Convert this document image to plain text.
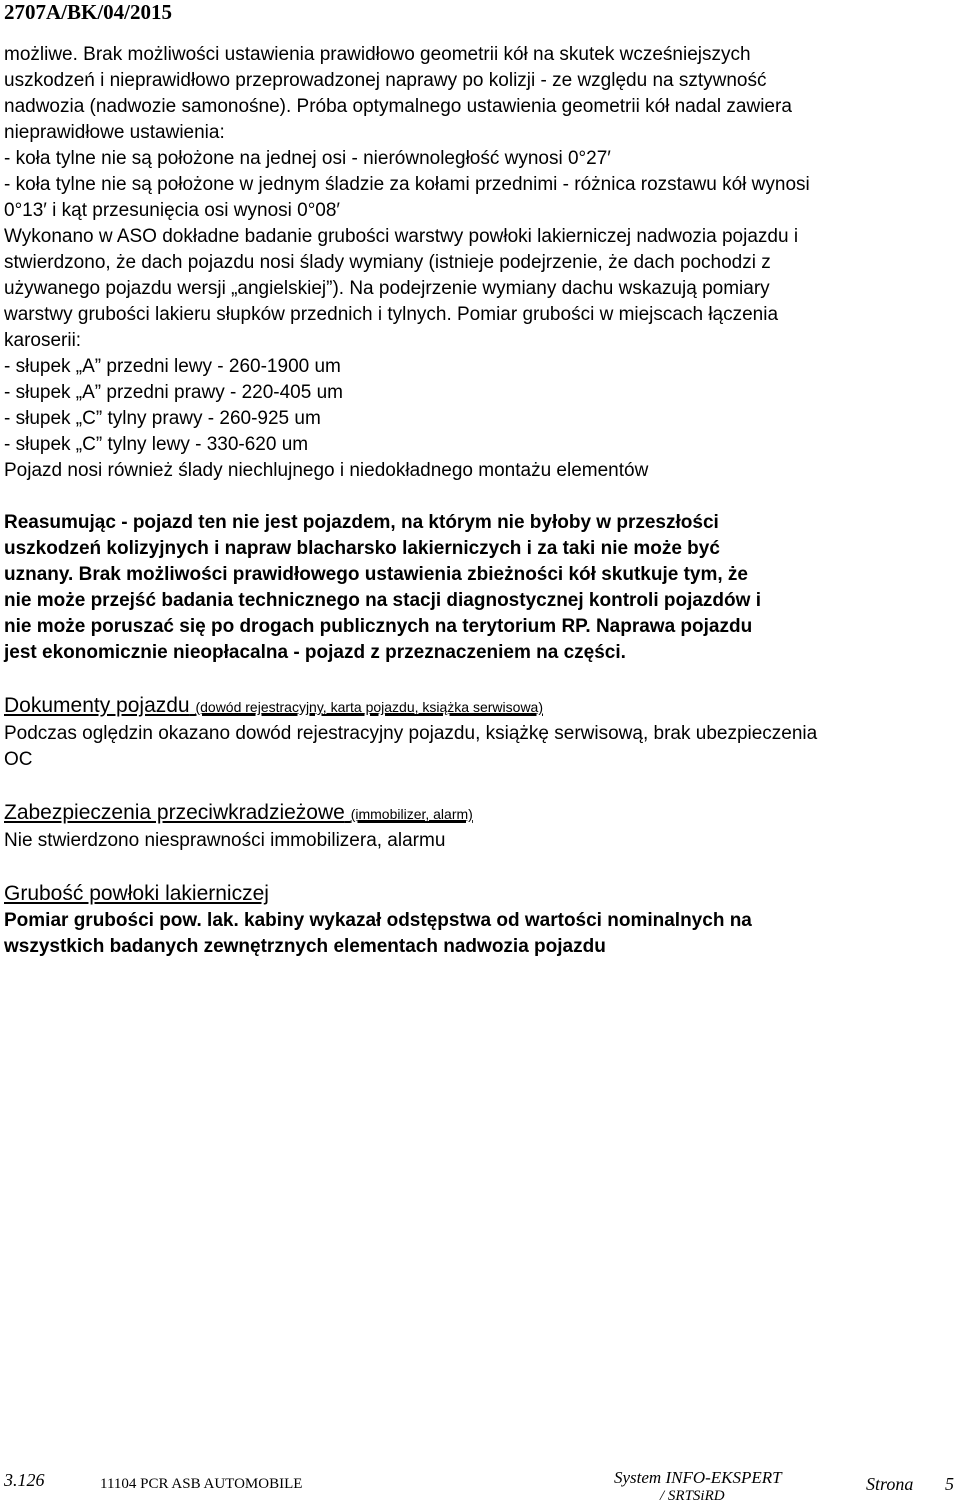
2707A/BK/04/2015

możliwe. Brak możliwości ustawienia prawidłowo geometrii kół na skutek wcześniejszych

uszkodzeń i nieprawidłowo przeprowadzonej naprawy po kolizji - ze względu na sztywność

nadwozia (nadwozie samonośne). Próba optymalnego ustawienia geometrii kół nadal zawiera

nieprawidłowe ustawienia:

- koła tylne nie są położone na jednej osi - nierównoległość wynosi 0°27′

- koła tylne nie są położone w jednym śladzie za kołami przednimi - różnica rozstawu kół wynosi

0°13′ i kąt przesunięcia osi wynosi 0°08′

Wykonano w ASO dokładne badanie grubości warstwy powłoki lakierniczej nadwozia pojazdu i

stwierdzono, że dach pojazdu nosi ślady wymiany (istnieje podejrzenie, że dach pochodzi z

używanego pojazdu wersji „angielskiej”). Na podejrzenie wymiany dachu wskazują pomiary

warstwy grubości lakieru słupków przednich i tylnych. Pomiar grubości w miejscach łączenia

karoserii:

- słupek „A” przedni lewy - 260-1900 um

- słupek „A” przedni prawy - 220-405 um

- słupek „C” tylny prawy - 260-925 um

- słupek „C” tylny lewy - 330-620 um

Pojazd nosi również ślady niechlujnego i niedokładnego montażu elementów

Reasumując - pojazd ten nie jest pojazdem, na którym nie byłoby w przeszłości

uszkodzeń kolizyjnych i napraw blacharsko lakierniczych i za taki nie może być

uznany. Brak możliwości prawidłowego ustawienia zbieżności kół skutkuje tym, że

nie może przejść badania technicznego na stacji diagnostycznej kontroli pojazdów i

nie może poruszać się po drogach publicznych na terytorium RP. Naprawa pojazdu

jest ekonomicznie nieopłacalna - pojazd z przeznaczeniem na części.

Dokumenty pojazdu (dowód rejestracyjny, karta pojazdu, książka serwisowa)

Podczas oględzin okazano dowód rejestracyjny pojazdu, książkę serwisową, brak ubezpieczenia

OC

Zabezpieczenia przeciwkradzieżowe (immobilizer, alarm)

Nie stwierdzono niesprawności immobilizera, alarmu

Grubość powłoki lakierniczej

Pomiar grubości pow. lak. kabiny wykazał odstępstwa od wartości nominalnych na

wszystkich badanych zewnętrznych elementach nadwozia pojazdu

3.126	11104 PCR ASB AUTOMOBILE	System INFO-EKSPERT
/ SRTSiRD
Strona 5
